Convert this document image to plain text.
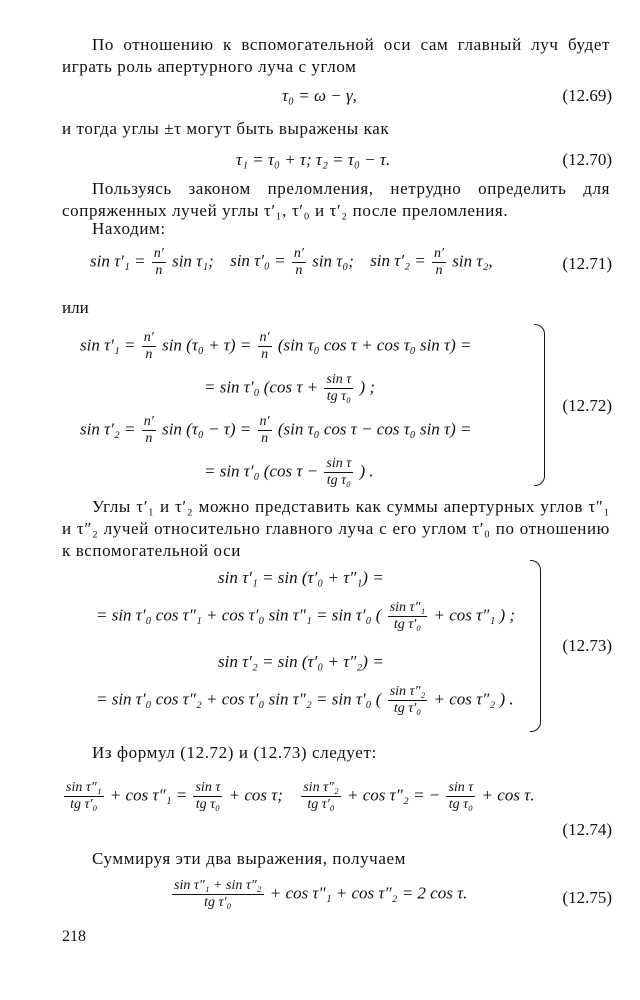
По отношению к вспомогательной оси сам главный луч будет играть роль апертурного луча с углом
τ₀ = ω − γ,	(12.69)
и тогда углы ±τ могут быть выражены как
τ₁ = τ₀ + τ; τ₂ = τ₀ − τ.	(12.70)
Пользуясь законом преломления, нетрудно определить для сопряженных лучей углы τ′₁, τ′₀ и τ′₂ после преломления.
Находим:
$\sin \tau'_1 = \frac{n'}{n}$ sin τ₁; $\sin \tau'_0 = \frac{n'}{n}$ sin τ₀; $\sin \tau'_2 = \frac{n'}{n}$ sin τ₂,	(12.71)
или
$\sin \tau'_1 = \frac{n'}{n}$ $\sin (\tau_0 + \tau) = \frac{n'}{n} (\sin$ τ₀ cos τ + cos τ₀ sin τ) =
= sin τ′₀ (cos $\tau + \frac{\text{sin τ}}{\text{tg τ₀}}$ ) ;
$\sin \tau'_2 = \frac{n'}{n}$ $\sin (\tau_0 - \tau) = \frac{n'}{n} (\sin$ τ₀ cos τ − cos τ₀ sin τ) =
= sin τ′₀ (cos $\tau - \frac{\text{sin τ}}{\text{tg τ₀}}$ ) .
(12.72)
Углы τ′₁ и τ′₂ можно представить как суммы апертурных углов τ″₁ и τ″₂ лучей относительно главного луча с его углом τ′₀ по отношению к вспомогательной оси
sin τ′₁ = sin (τ′₀ + τ″₁) =
= sin τ′₀ cos τ″₁ + cos τ′₀ sin τ″₁ = sin τ′₀ ( $\frac{\text{sin τ″₁}}{\text{tg τ′₀}} + \cos \tau''_1$ ) ;
sin τ′₂ = sin (τ′₀ + τ″₂) =
= sin τ′₀ cos τ″₂ + cos τ′₀ sin τ″₂ = sin τ′₀ ( $\frac{\text{sin τ″₂}}{\text{tg τ′₀}} + \cos \tau''_2$ ) .
(12.73)
Из формул (12.72) и (12.73) следует:
$\frac{\text{sin τ″₁}}{\text{tg τ′₀}} + \cos \tau''_1 = \frac{\text{sin τ}}{\text{tg τ₀}} + \cos \tau$; $\frac{\text{sin τ″₂}}{\text{tg τ′₀}} + \cos \tau''_2$ = − $\frac{\text{sin τ}}{\text{tg τ₀}} + \cos \tau$.
(12.74)
Суммируя эти два выражения, получаем
$\frac{\text{sin τ″₁ + sin τ″₂}}{\text{tg τ′₀}} + \cos \tau''_1 + \cos \tau''_2 = 2$ cos τ.	(12.75)
218
